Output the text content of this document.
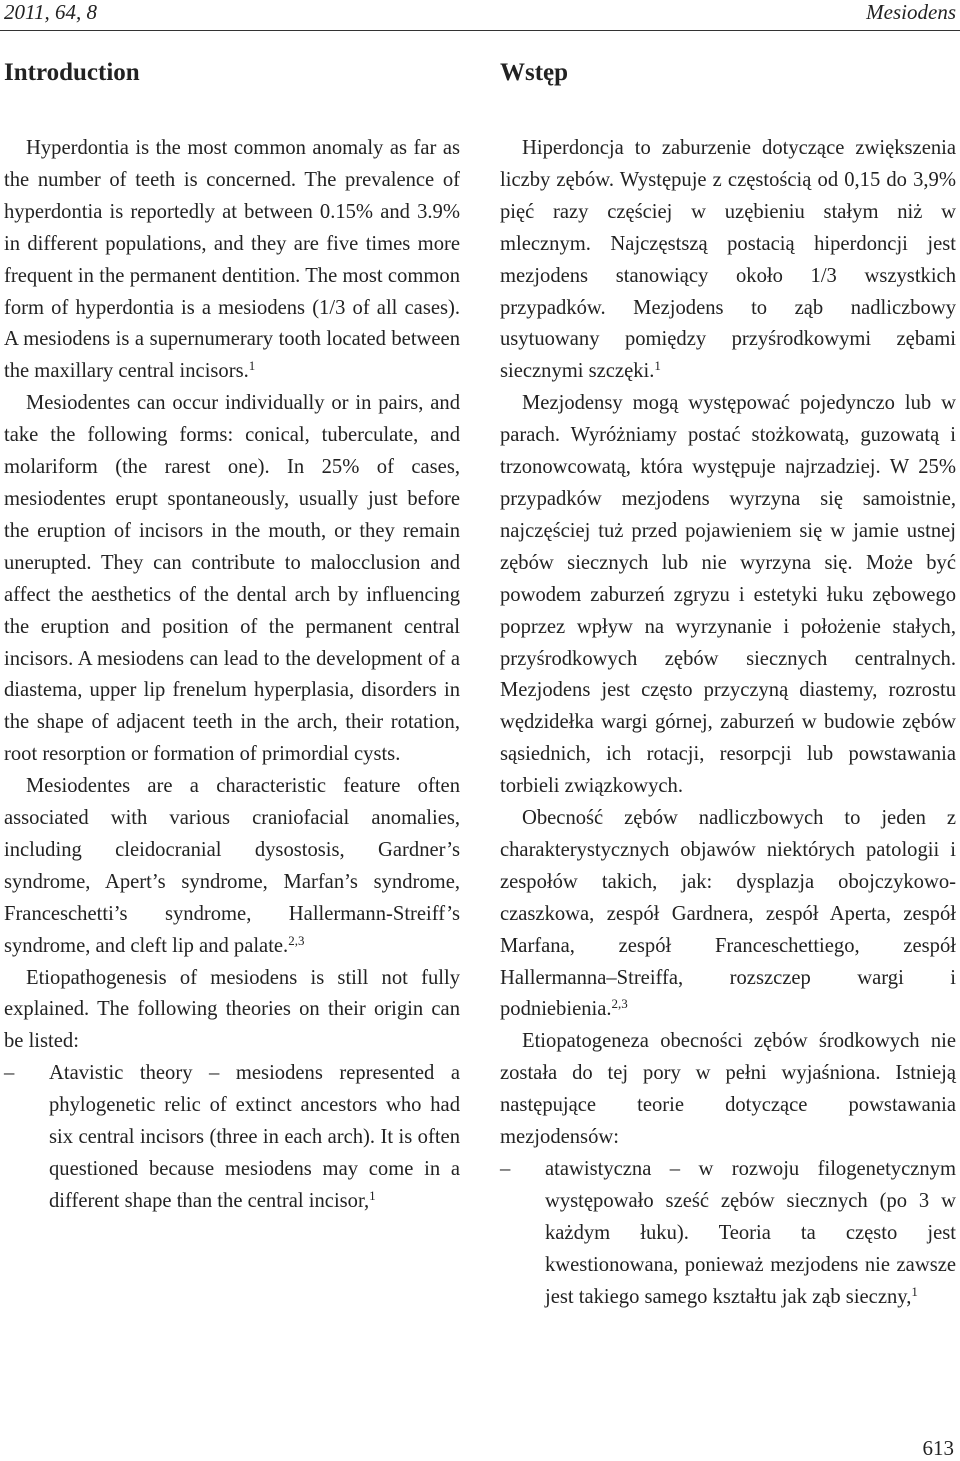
2011, 64, 8	Mesiodens
Introduction

Hyperdontia is the most common anomaly as far as the number of teeth is concerned. The prevalence of hyperdontia is reportedly at between 0.15% and 3.9% in different populations, and they are five times more frequent in the permanent dentition. The most common form of hyperdontia is a mesiodens (1/3 of all cases). A mesiodens is a supernumerary tooth located between the maxillary central incisors.$^1$

Mesiodentes can occur individually or in pairs, and take the following forms: conical, tuberculate, and molariform (the rarest one). In 25% of cases, mesiodentes erupt spontaneously, usually just before the eruption of incisors in the mouth, or they remain unerupted. They can contribute to malocclusion and affect the aesthetics of the dental arch by influencing the eruption and position of the permanent central incisors. A mesiodens can lead to the development of a diastema, upper lip frenelum hyperplasia, disorders in the shape of adjacent teeth in the arch, their rotation, root resorption or formation of primordial cysts.

Mesiodentes are a characteristic feature often associated with various craniofacial anomalies, including cleidocranial dysostosis, Gardner’s syndrome, Apert’s syndrome, Marfan’s syndrome, Franceschetti’s syndrome, Hallermann-Streiff’s syndrome, and cleft lip and palate.$^{2,3}$

Etiopathogenesis of mesiodens is still not fully explained. The following theories on their origin can be listed:

– Atavistic theory – mesiodens represented a phylogenetic relic of extinct ancestors who had six central incisors (three in each arch). It is often questioned because mesiodens may come in a different shape than the central incisor,$^1$
Wstęp

Hiperdoncja to zaburzenie dotyczące zwiększenia liczby zębów. Występuje z częstością od 0,15 do 3,9% pięć razy częściej w uzębieniu stałym niż w mlecznym. Najczęstszą postacią hiperdoncji jest mezjodens stanowiący około 1/3 wszystkich przypadków. Mezjodens to ząb nadliczbowy usytuowany pomiędzy przyśrodkowymi zębami siecznymi szczęki.$^1$

Mezjodensy mogą występować pojedynczo lub w parach. Wyróżniamy postać stożkowatą, guzowatą i trzonowcowatą, która występuje najrzadziej. W 25% przypadków mezjodens wyrzyna się samoistnie, najczęściej tuż przed pojawieniem się w jamie ustnej zębów siecznych lub nie wyrzyna się. Może być powodem zaburzeń zgryzu i estetyki łuku zębowego poprzez wpływ na wyrzynanie i położenie stałych, przyśrodkowych zębów siecznych centralnych. Mezjodens jest często przyczyną diastemy, rozrostu wędzidełka wargi górnej, zaburzeń w budowie zębów sąsiednich, ich rotacji, resorpcji lub powstawania torbieli związkowych.

Obecność zębów nadliczbowych to jeden z charakterystycznych objawów niektórych patologii i zespołów takich, jak: dysplazja obojczykowo-czaszkowa, zespół Gardnera, zespół Aperta, zespół Marfana, zespół Franceschettiego, zespół Hallermanna–Streiffa, rozszczep wargi i podniebienia.$^{2,3}$

Etiopatogeneza obecności zębów środkowych nie została do tej pory w pełni wyjaśniona. Istnieją następujące teorie dotyczące powstawania mezjodensów:

– atawistyczna – w rozwoju filogenetycznym występowało sześć zębów siecznych (po 3 w każdym łuku). Teoria ta często jest kwestionowana, ponieważ mezjodens nie zawsze jest takiego samego kształtu jak ząb sieczny,$^1$
613
